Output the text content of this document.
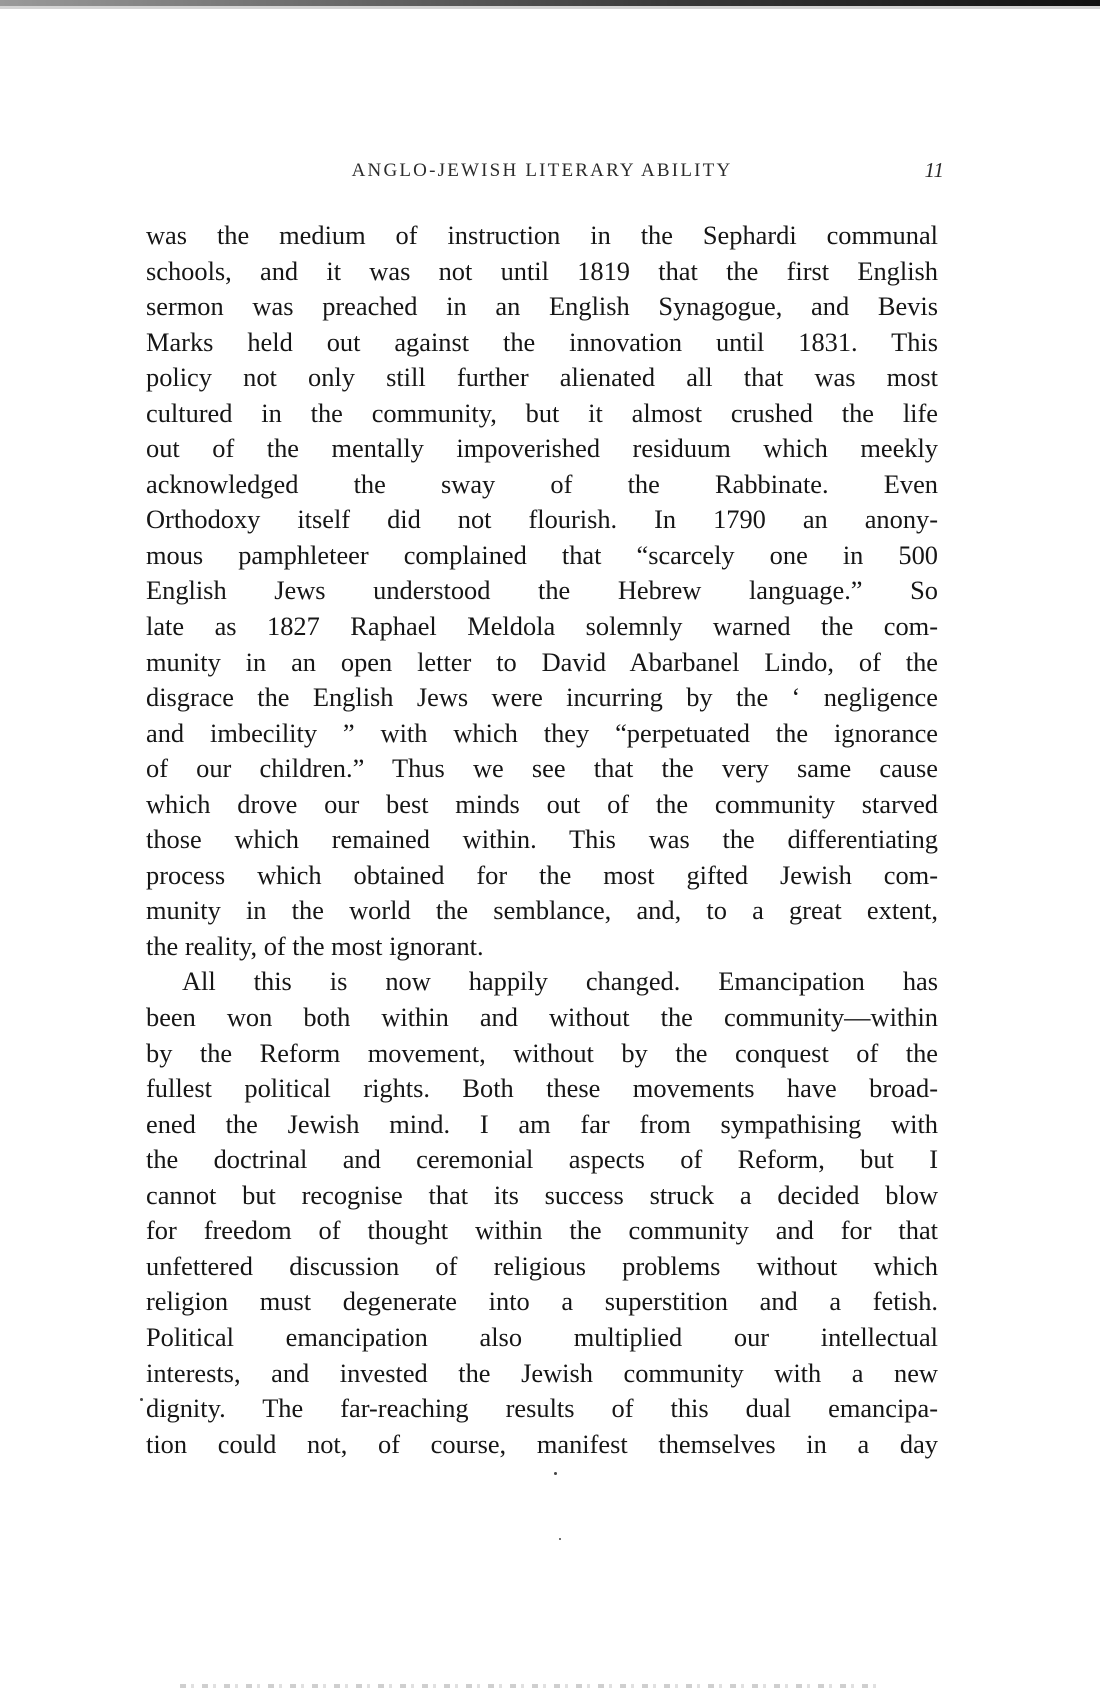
ANGLO-JEWISH LITERARY ABILITY	11
was the medium of instruction in the Sephardi communal
schools, and it was not until 1819 that the first English
sermon was preached in an English Synagogue, and Bevis
Marks held out against the innovation until 1831. This
policy not only still further alienated all that was most
cultured in the community, but it almost crushed the life
out of the mentally impoverished residuum which meekly
acknowledged the sway of the Rabbinate. Even
Orthodoxy itself did not flourish. In 1790 an anony-
mous pamphleteer complained that “scarcely one in 500
English Jews understood the Hebrew language.” So
late as 1827 Raphael Meldola solemnly warned the com-
munity in an open letter to David Abarbanel Lindo, of the
disgrace the English Jews were incurring by the ‘ negligence
and imbecility ” with which they “perpetuated the ignorance
of our children.” Thus we see that the very same cause
which drove our best minds out of the community starved
those which remained within. This was the differentiating
process which obtained for the most gifted Jewish com-
munity in the world the semblance, and, to a great extent,
the reality, of the most ignorant.
All this is now happily changed. Emancipation has
been won both within and without the community—within
by the Reform movement, without by the conquest of the
fullest political rights. Both these movements have broad-
ened the Jewish mind. I am far from sympathising with
the doctrinal and ceremonial aspects of Reform, but I
cannot but recognise that its success struck a decided blow
for freedom of thought within the community and for that
unfettered discussion of religious problems without which
religion must degenerate into a superstition and a fetish.
Political emancipation also multiplied our intellectual
interests, and invested the Jewish community with a new
dignity. The far-reaching results of this dual emancipa-
tion could not, of course, manifest themselves in a day
